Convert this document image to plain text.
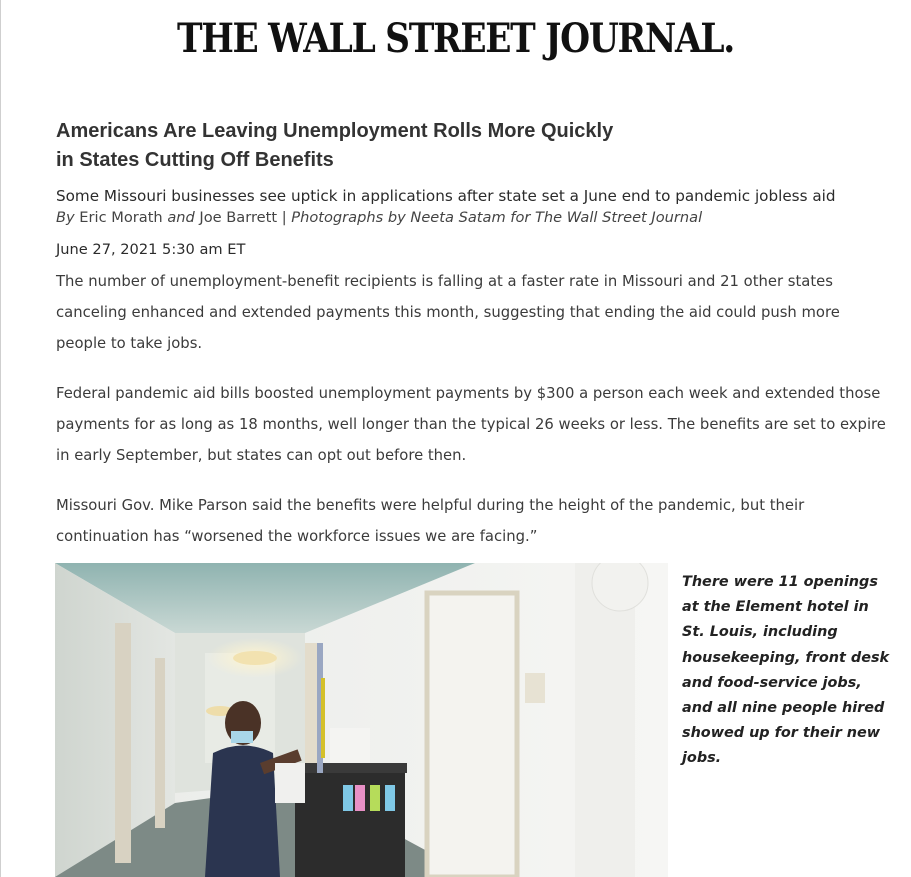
THE WALL STREET JOURNAL.
Americans Are Leaving Unemployment Rolls More Quickly
in States Cutting Off Benefits
Some Missouri businesses see uptick in applications after state set a June end to pandemic jobless aid
By Eric Morath and Joe Barrett | Photographs by Neeta Satam for The Wall Street Journal
June 27, 2021 5:30 am ET

The number of unemployment-benefit recipients is falling at a faster rate in Missouri and 21 other states canceling enhanced and extended payments this month, suggesting that ending the aid could push more people to take jobs.

Federal pandemic aid bills boosted unemployment payments by $300 a person each week and extended those payments for as long as 18 months, well longer than the typical 26 weeks or less. The benefits are set to expire in early September, but states can opt out before then.

Missouri Gov. Mike Parson said the benefits were helpful during the height of the pandemic, but their continuation has “worsened the workforce issues we are facing.”

There were 11 openings at the Element hotel in St. Louis, including housekeeping, front desk and food-service jobs, and all nine people hired showed up for their new jobs.
